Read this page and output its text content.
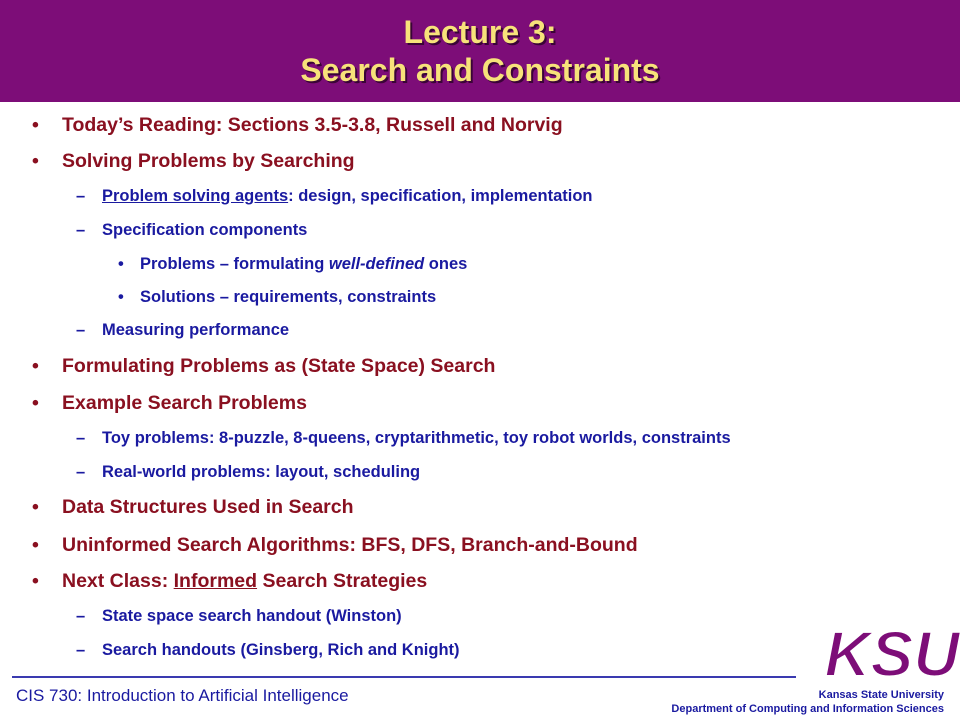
Lecture 3:
Search and Constraints
• Today’s Reading: Sections 3.5-3.8, Russell and Norvig
• Solving Problems by Searching
– Problem solving agents: design, specification, implementation
– Specification components
• Problems – formulating well-defined ones
• Solutions – requirements, constraints
– Measuring performance
• Formulating Problems as (State Space) Search
• Example Search Problems
– Toy problems: 8-puzzle, 8-queens, cryptarithmetic, toy robot worlds, constraints
– Real-world problems: layout, scheduling
• Data Structures Used in Search
• Uninformed Search Algorithms: BFS, DFS, Branch-and-Bound
• Next Class: Informed Search Strategies
– State space search handout (Winston)
– Search handouts (Ginsberg, Rich and Knight)	KSU
CIS 730: Introduction to Artificial Intelligence	Kansas State University
Department of Computing and Information Sciences
